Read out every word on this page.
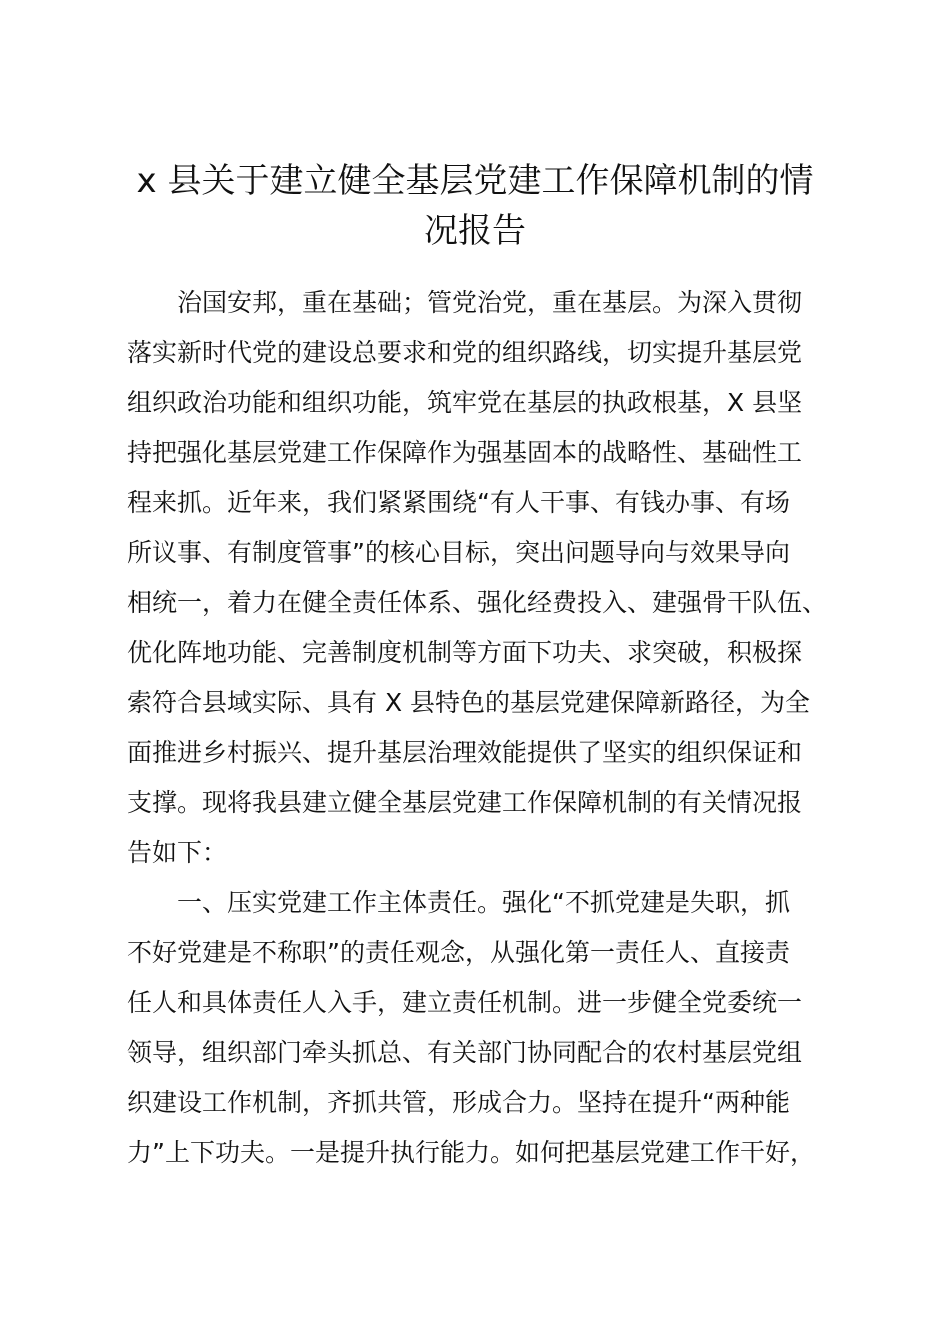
x 县关于建立健全基层党建工作保障机制的情
况报告

　　治国安邦，重在基础；管党治党，重在基层。为深入贯彻

落实新时代党的建设总要求和党的组织路线，切实提升基层党

组织政治功能和组织功能，筑牢党在基层的执政根基，X 县坚

持把强化基层党建工作保障作为强基固本的战略性、基础性工

程来抓。近年来，我们紧紧围绕“有人干事、有钱办事、有场

所议事、有制度管事”的核心目标，突出问题导向与效果导向

相统一，着力在健全责任体系、强化经费投入、建强骨干队伍、

优化阵地功能、完善制度机制等方面下功夫、求突破，积极探

索符合县域实际、具有 X 县特色的基层党建保障新路径，为全

面推进乡村振兴、提升基层治理效能提供了坚实的组织保证和

支撑。现将我县建立健全基层党建工作保障机制的有关情况报

告如下：

　　一、压实党建工作主体责任。强化“不抓党建是失职，抓

不好党建是不称职”的责任观念，从强化第一责任人、直接责

任人和具体责任人入手，建立责任机制。进一步健全党委统一

领导，组织部门牵头抓总、有关部门协同配合的农村基层党组

织建设工作机制，齐抓共管，形成合力。坚持在提升“两种能

力”上下功夫。一是提升执行能力。如何把基层党建工作干好，
